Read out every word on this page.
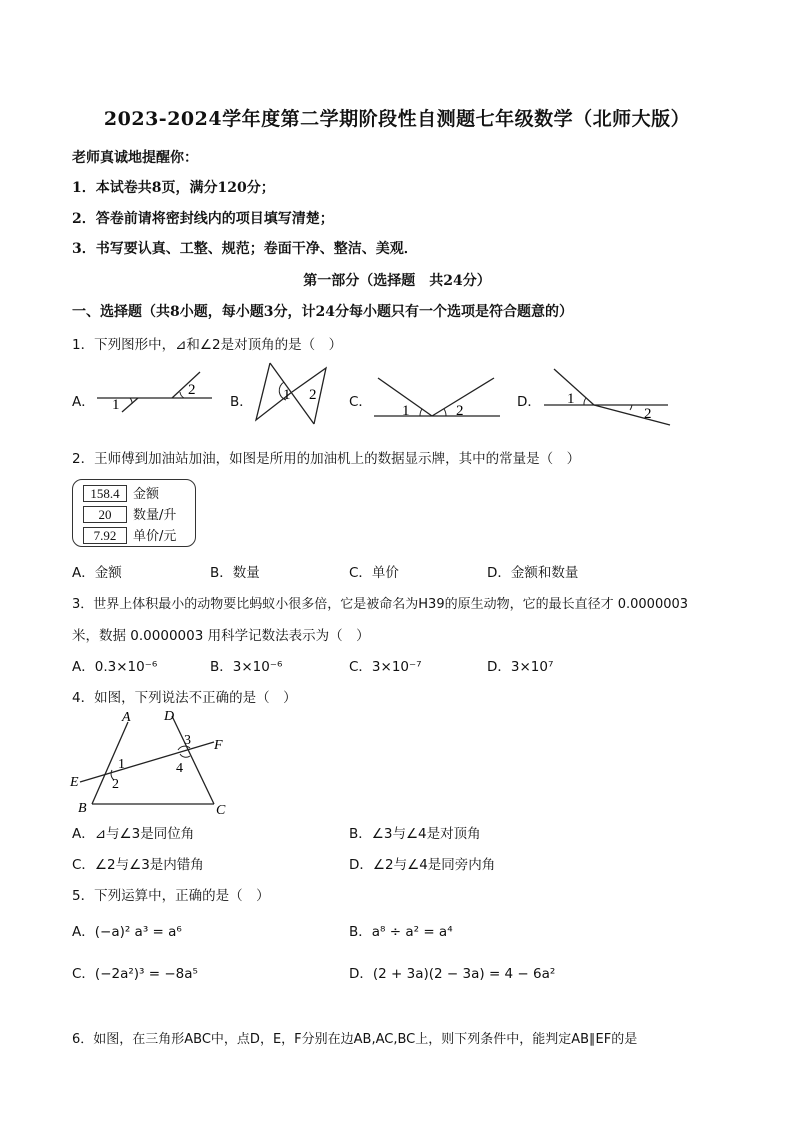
2023-2024学年度第二学期阶段性自测题七年级数学（北师大版）
老师真诚地提醒你：
1．本试卷共8页，满分120分；
2．答卷前请将密封线内的项目填写清楚；
3．书写要认真、工整、规范；卷面干净、整洁、美观．
第一部分（选择题　共24分）
一、选择题（共8小题，每小题3分，计24分每小题只有一个选项是符合题意的）
1．下列图形中，⊿和∠2是对顶角的是（　）
A． 1
2
B． 1 2 C．
1	2
D． 1
2
2．王师傅到加油站加油，如图是所用的加油机上的数据显示牌，其中的常量是（　）
158.4 金额
20 数量/升
7.92 单价/元
A．金额	B．数量	C．单价	D．金额和数量
3．世界上体积最小的动物要比蚂蚁小很多倍，它是被命名为H39的原生动物，它的最长直径才 0.0000003
米，数据 0.0000003 用科学记数法表示为（　）
A．0.3×10⁻⁶	B．3×10⁻⁶	C．3×10⁻⁷	D．3×10⁷
4．如图，下列说法不正确的是（　）
A D
F
E
B	C
1
2
3
4
A．⊿与∠3是同位角	B．∠3与∠4是对顶角
C．∠2与∠3是内错角	D．∠2与∠4是同旁内角
5．下列运算中，正确的是（　）
A．(−a)² a³ = a⁶	B．a⁸ ÷ a² = a⁴
C．(−2a²)³ = −8a⁵	D．(2 + 3a)(2 − 3a) = 4 − 6a²
6．如图，在三角形ABC中，点D，E，F分别在边AB,AC,BC上，则下列条件中，能判定AB∥EF的是
